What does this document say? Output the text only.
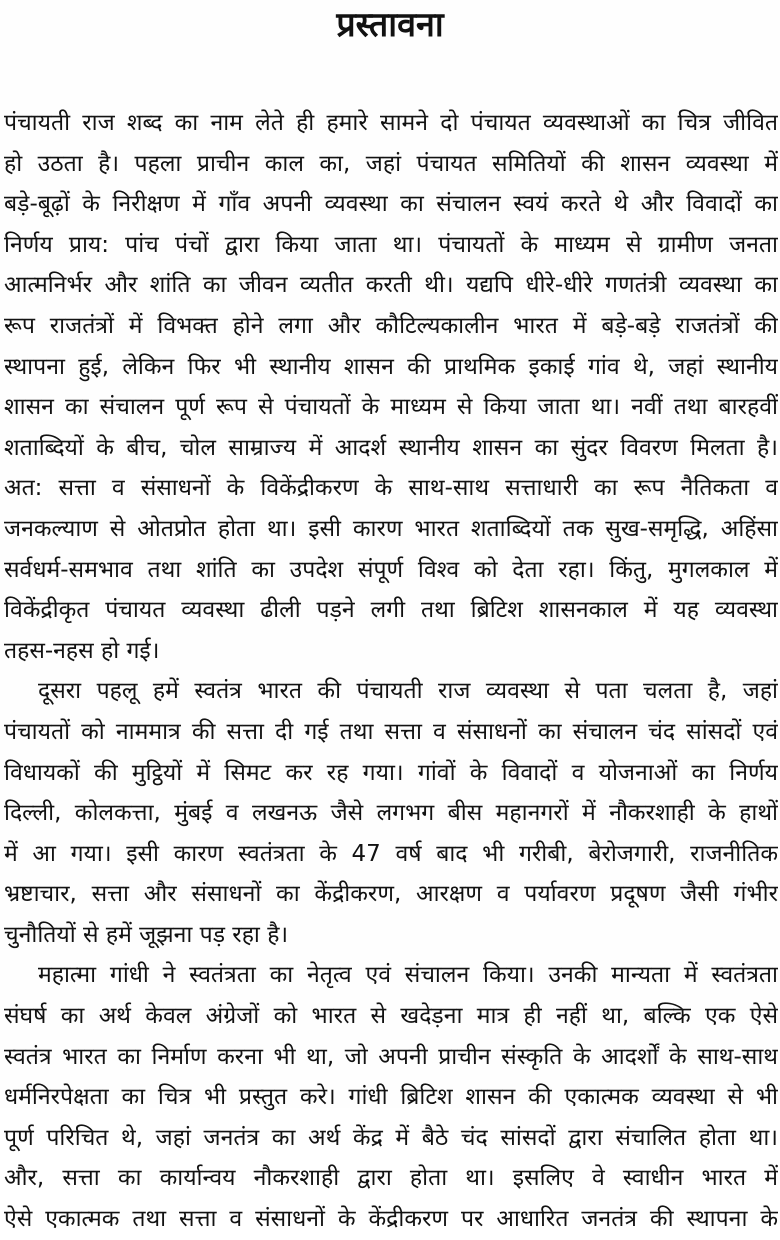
प्रस्तावना
पंचायती राज शब्द का नाम लेते ही हमारे सामने दो पंचायत व्यवस्थाओं का चित्र जीवित
हो उठता है। पहला प्राचीन काल का, जहां पंचायत समितियों की शासन व्यवस्था में
बड़े-बूढ़ों के निरीक्षण में गाँव अपनी व्यवस्था का संचालन स्वयं करते थे और विवादों का
निर्णय प्राय: पांच पंचों द्वारा किया जाता था। पंचायतों के माध्यम से ग्रामीण जनता
आत्मनिर्भर और शांति का जीवन व्यतीत करती थी। यद्यपि धीरे-धीरे गणतंत्री व्यवस्था का
रूप राजतंत्रों में विभक्त होने लगा और कौटिल्यकालीन भारत में बड़े-बड़े राजतंत्रों की
स्थापना हुई, लेकिन फिर भी स्थानीय शासन की प्राथमिक इकाई गांव थे, जहां स्थानीय
शासन का संचालन पूर्ण रूप से पंचायतों के माध्यम से किया जाता था। नवीं तथा बारहवीं
शताब्दियों के बीच, चोल साम्राज्य में आदर्श स्थानीय शासन का सुंदर विवरण मिलता है।
अत: सत्ता व संसाधनों के विकेंद्रीकरण के साथ-साथ सत्ताधारी का रूप नैतिकता व
जनकल्याण से ओतप्रोत होता था। इसी कारण भारत शताब्दियों तक सुख-समृद्धि, अहिंसा
सर्वधर्म-समभाव तथा शांति का उपदेश संपूर्ण विश्व को देता रहा। किंतु, मुगलकाल में
विकेंद्रीकृत पंचायत व्यवस्था ढीली पड़ने लगी तथा ब्रिटिश शासनकाल में यह व्यवस्था
तहस-नहस हो गई।
दूसरा पहलू हमें स्वतंत्र भारत की पंचायती राज व्यवस्था से पता चलता है, जहां
पंचायतों को नाममात्र की सत्ता दी गई तथा सत्ता व संसाधनों का संचालन चंद सांसदों एवं
विधायकों की मुट्ठियों में सिमट कर रह गया। गांवों के विवादों व योजनाओं का निर्णय
दिल्ली, कोलकत्ता, मुंबई व लखनऊ जैसे लगभग बीस महानगरों में नौकरशाही के हाथों
में आ गया। इसी कारण स्वतंत्रता के 47 वर्ष बाद भी गरीबी, बेरोजगारी, राजनीतिक
भ्रष्टाचार, सत्ता और संसाधनों का केंद्रीकरण, आरक्षण व पर्यावरण प्रदूषण जैसी गंभीर
चुनौतियों से हमें जूझना पड़ रहा है।
महात्मा गांधी ने स्वतंत्रता का नेतृत्व एवं संचालन किया। उनकी मान्यता में स्वतंत्रता
संघर्ष का अर्थ केवल अंग्रेजों को भारत से खदेड़ना मात्र ही नहीं था, बल्कि एक ऐसे
स्वतंत्र भारत का निर्माण करना भी था, जो अपनी प्राचीन संस्कृति के आदर्शों के साथ-साथ
धर्मनिरपेक्षता का चित्र भी प्रस्तुत करे। गांधी ब्रिटिश शासन की एकात्मक व्यवस्था से भी
पूर्ण परिचित थे, जहां जनतंत्र का अर्थ केंद्र में बैठे चंद सांसदों द्वारा संचालित होता था।
और, सत्ता का कार्यान्वय नौकरशाही द्वारा होता था। इसलिए वे स्वाधीन भारत में
ऐसे एकात्मक तथा सत्ता व संसाधनों के केंद्रीकरण पर आधारित जनतंत्र की स्थापना के
